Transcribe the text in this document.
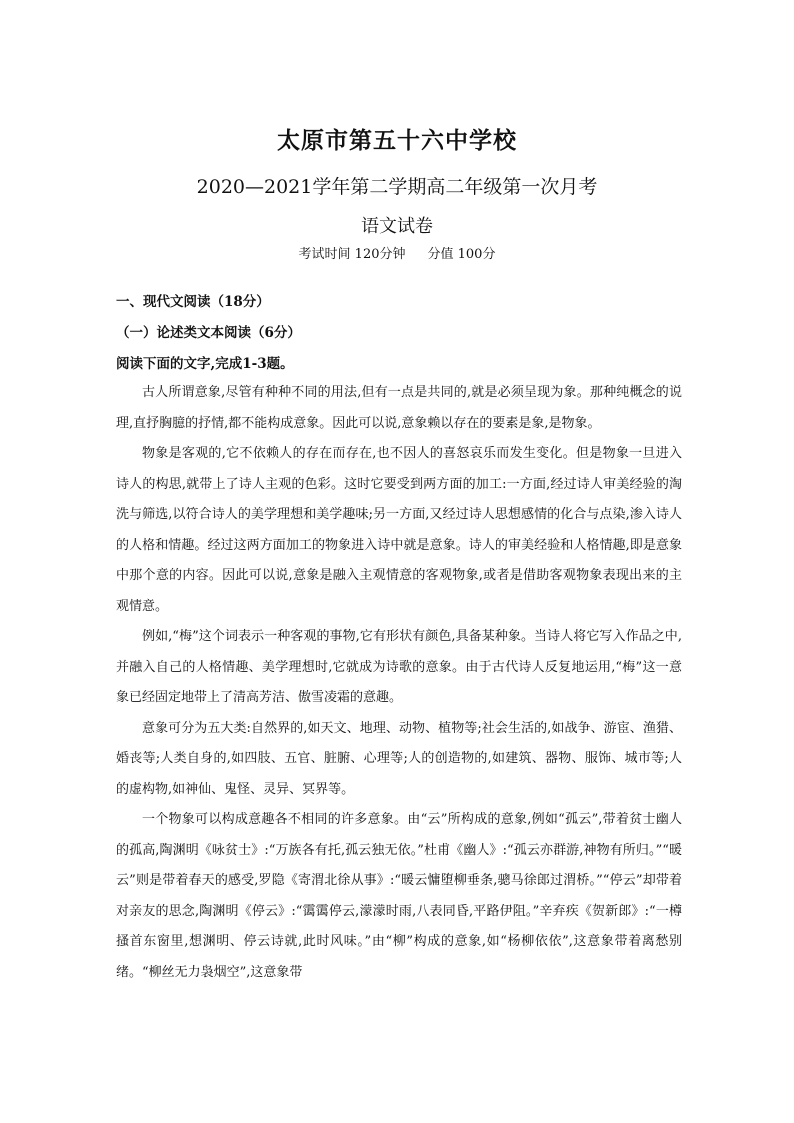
太原市第五十六中学校
2020—2021学年第二学期高二年级第一次月考
语文试卷
考试时间 120分钟 分值 100分
一、现代文阅读（18分）
（一）论述类文本阅读（6分）
阅读下面的文字,完成1-3题。

古人所谓意象,尽管有种种不同的用法,但有一点是共同的,就是必须呈现为象。那种纯概念的说理,直抒胸臆的抒情,都不能构成意象。因此可以说,意象赖以存在的要素是象,是物象。

物象是客观的,它不依赖人的存在而存在,也不因人的喜怒哀乐而发生变化。但是物象一旦进入诗人的构思,就带上了诗人主观的色彩。这时它要受到两方面的加工:一方面,经过诗人审美经验的淘洗与筛选,以符合诗人的美学理想和美学趣味;另一方面,又经过诗人思想感情的化合与点染,渗入诗人的人格和情趣。经过这两方面加工的物象进入诗中就是意象。诗人的审美经验和人格情趣,即是意象中那个意的内容。因此可以说,意象是融入主观情意的客观物象,或者是借助客观物象表现出来的主观情意。

例如,“梅”这个词表示一种客观的事物,它有形状有颜色,具备某种象。当诗人将它写入作品之中,并融入自己的人格情趣、美学理想时,它就成为诗歌的意象。由于古代诗人反复地运用,“梅”这一意象已经固定地带上了清高芳洁、傲雪凌霜的意趣。

意象可分为五大类:自然界的,如天文、地理、动物、植物等;社会生活的,如战争、游宦、渔猎、婚丧等;人类自身的,如四肢、五官、脏腑、心理等;人的创造物的,如建筑、器物、服饰、城市等;人的虚构物,如神仙、鬼怪、灵异、冥界等。

一个物象可以构成意趣各不相同的许多意象。由“云”所构成的意象,例如“孤云”,带着贫士幽人的孤高,陶渊明《咏贫士》:“万族各有托,孤云独无依。”杜甫《幽人》:“孤云亦群游,神物有所归。”“暖云”则是带着春天的感受,罗隐《寄渭北徐从事》:“暖云慵堕柳垂条,骢马徐郎过渭桥。”“停云”却带着对亲友的思念,陶渊明《停云》:“霭霭停云,濛濛时雨,八表同昏,平路伊阻。”辛弃疾《贺新郎》:“一樽搔首东窗里,想渊明、停云诗就,此时风味。”由“柳”构成的意象,如“杨柳依依”,这意象带着离愁别绪。“柳丝无力袅烟空”,这意象带
